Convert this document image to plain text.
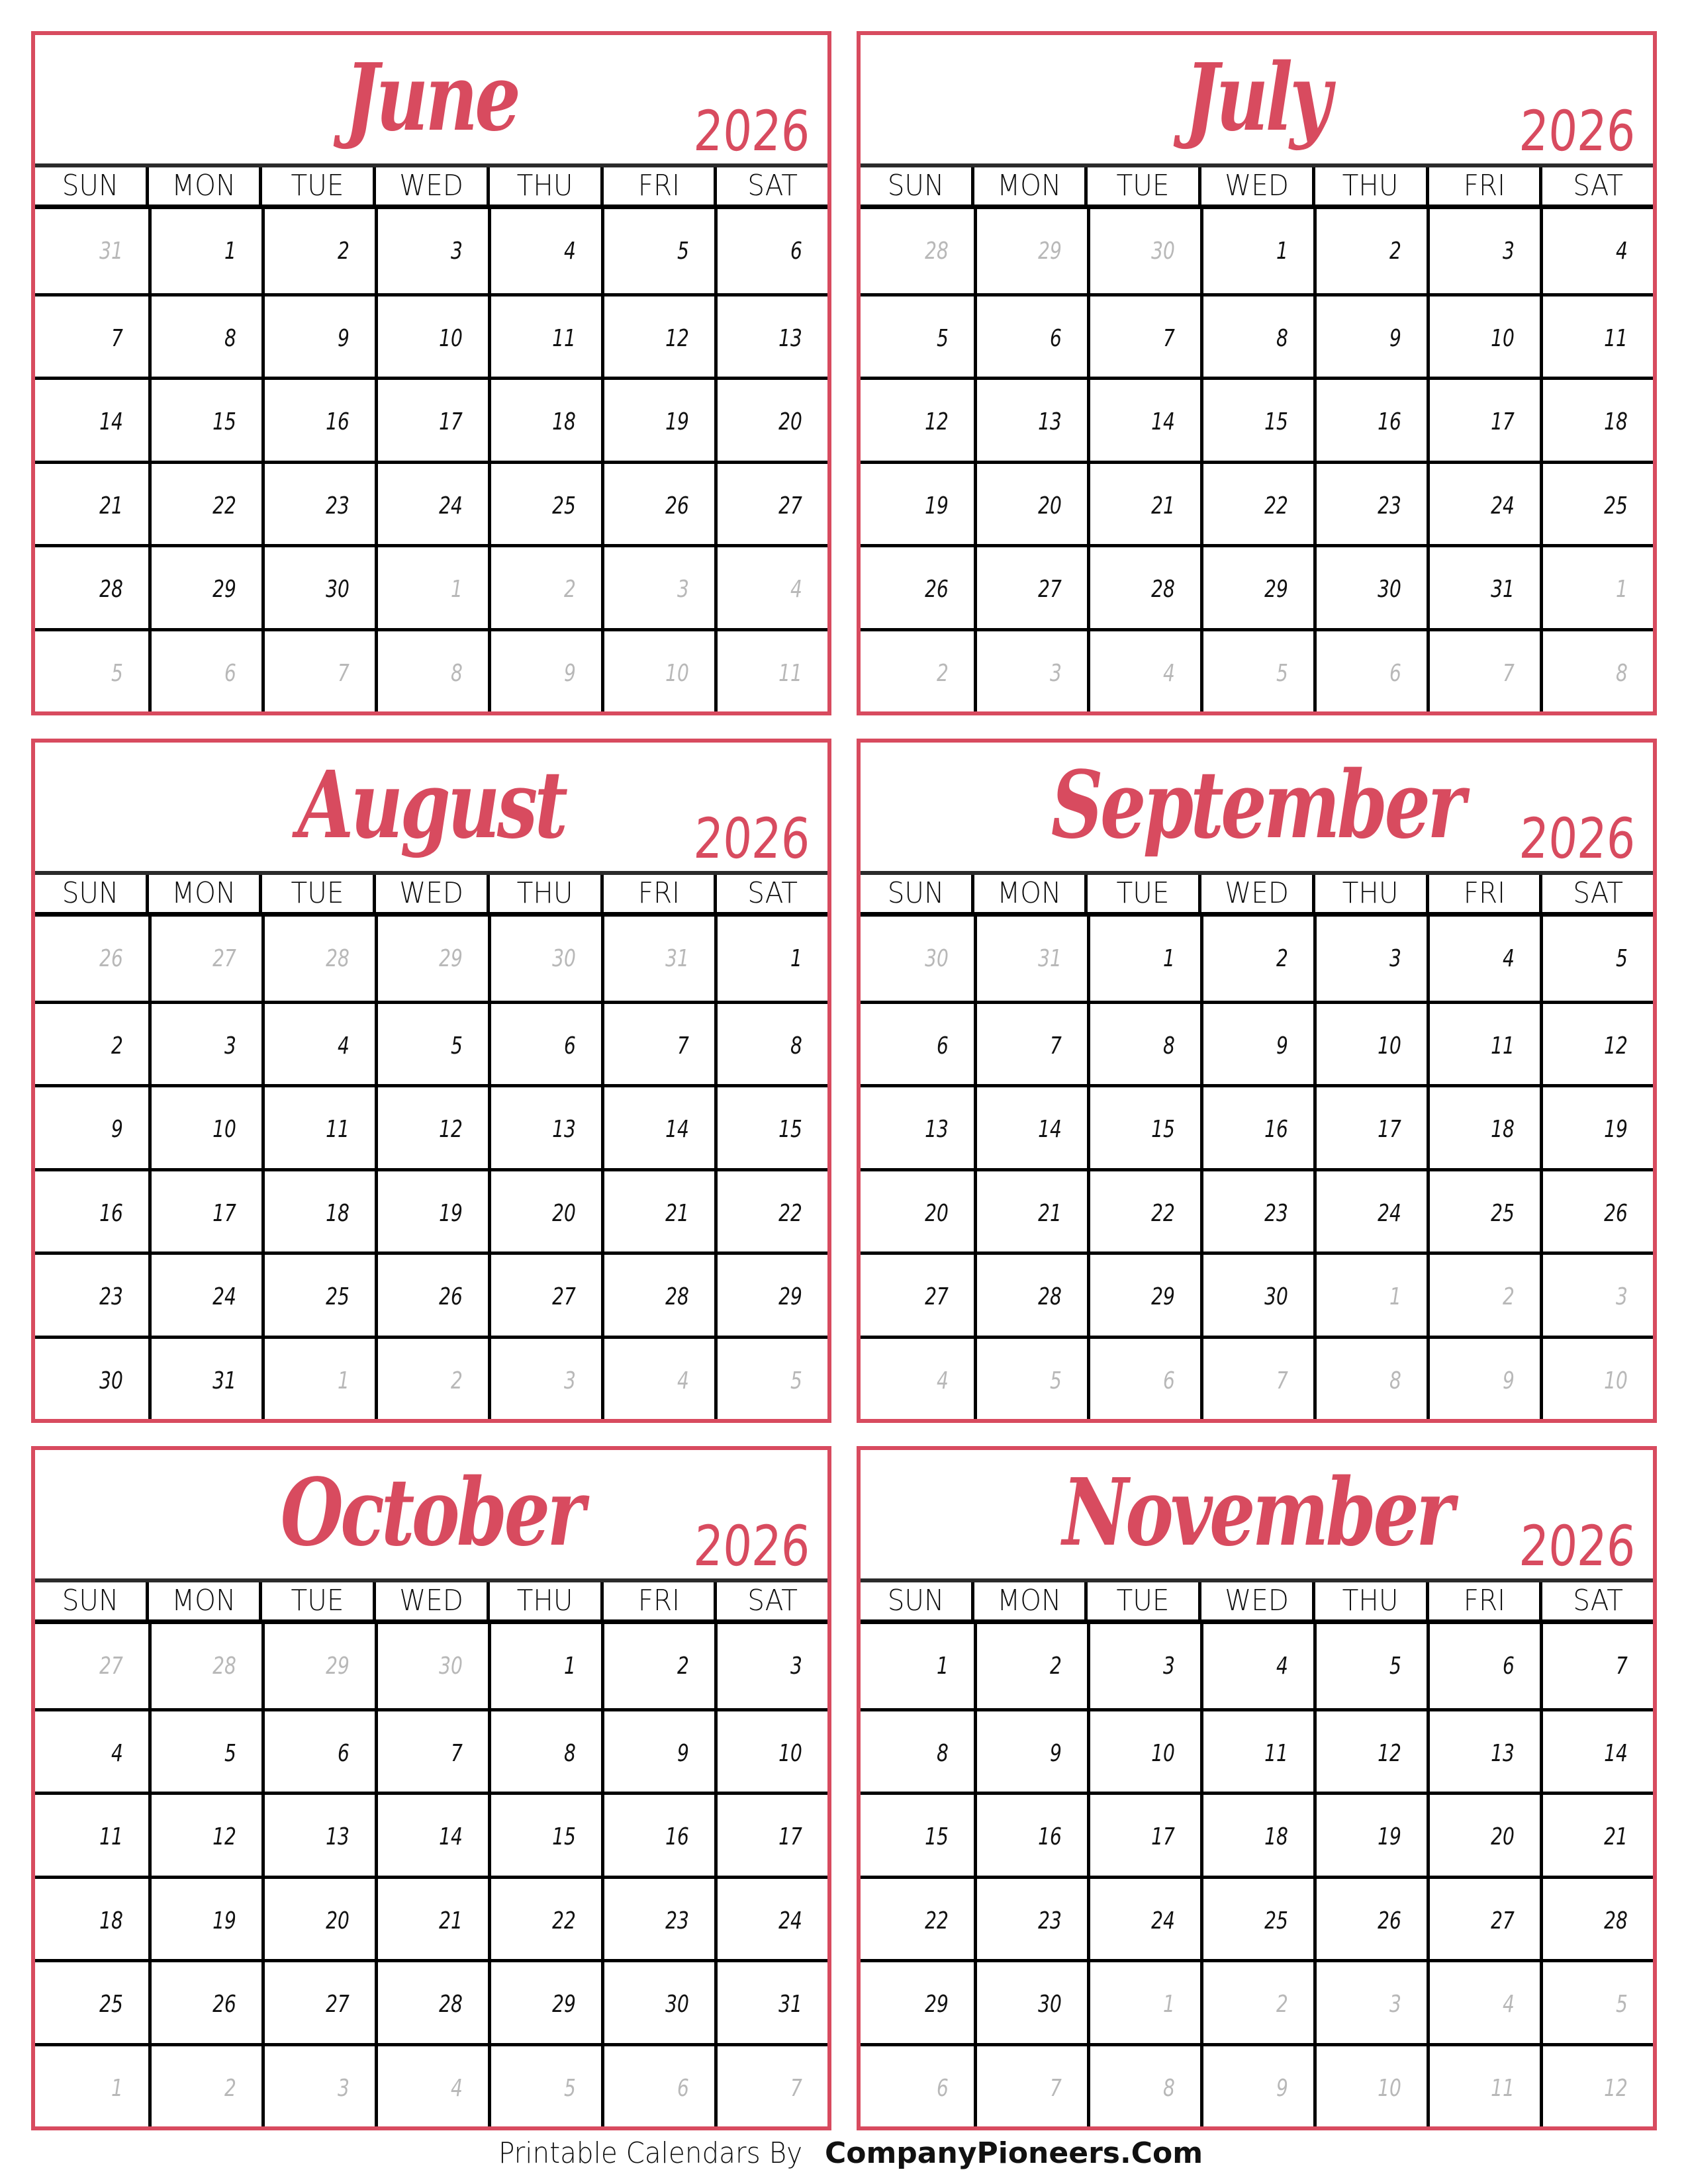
June	2026
SUN	MON	TUE	WED	THU	FRI	SAT
31	1	2	3	4	5	6
7	8	9	10	11	12	13
14	15	16	17	18	19	20
21	22	23	24	25	26	27
28	29	30	1	2	3	4
5	6	7	8	9	10	11
July	2026
SUN	MON	TUE	WED	THU	FRI	SAT
28	29	30	1	2	3	4
5	6	7	8	9	10	11
12	13	14	15	16	17	18
19	20	21	22	23	24	25
26	27	28	29	30	31	1
2	3	4	5	6	7	8
August	2026
SUN	MON	TUE	WED	THU	FRI	SAT
26	27	28	29	30	31	1
2	3	4	5	6	7	8
9	10	11	12	13	14	15
16	17	18	19	20	21	22
23	24	25	26	27	28	29
30	31	1	2	3	4	5
September 2026
SUN	MON	TUE	WED	THU	FRI	SAT
30	31	1	2	3	4	5
6	7	8	9	10	11	12
13	14	15	16	17	18	19
20	21	22	23	24	25	26
27	28	29	30	1	2	3
4	5	6	7	8	9	10
October	2026
SUN	MON	TUE	WED	THU	FRI	SAT
27	28	29	30	1	2	3
4	5	6	7	8	9	10
11	12	13	14	15	16	17
18	19	20	21	22	23	24
25	26	27	28	29	30	31
1	2	3	4	5	6	7
November	2026
SUN	MON	TUE	WED	THU	FRI	SAT
1	2	3	4	5	6	7
8	9	10	11	12	13	14
15	16	17	18	19	20	21
22	23	24	25	26	27	28
29	30	1	2	3	4	5
6	7	8	9	10	11	12
Printable Calendars By CompanyPioneers.Com
